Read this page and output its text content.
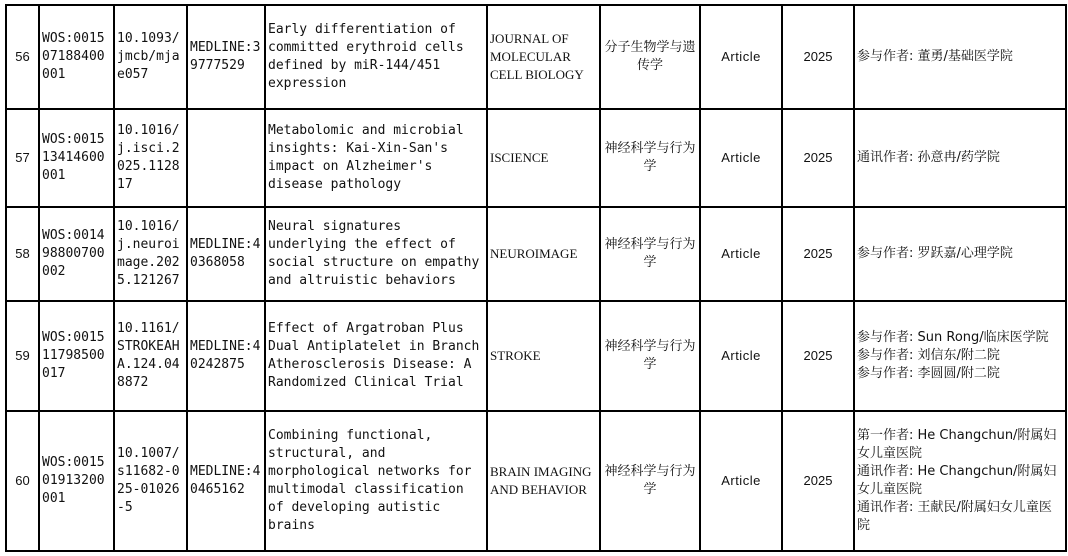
56	WOS:001507188400001	10.1093/jmcb/mjae057	MEDLINE:39777529	Early differentiation of committed erythroid cells defined by miR-144/451 expression	JOURNAL OF MOLECULAR CELL BIOLOGY	分子生物学与遗传学	Article	2025	参与作者: 董勇/基础医学院

57	WOS:001513414600001	10.1016/j.isci.2025.112817		Metabolomic and microbial insights: Kai-Xin-San's impact on Alzheimer's disease pathology	ISCIENCE	神经科学与行为学	Article	2025	通讯作者: 孙意冉/药学院

58	WOS:001498800700002	10.1016/j.neuroimage.2025.121267	MEDLINE:40368058	Neural signatures underlying the effect of social structure on empathy and altruistic behaviors	NEUROIMAGE	神经科学与行为学	Article	2025	参与作者: 罗跃嘉/心理学院

59	WOS:001511798500017	10.1161/STROKEAHA.124.048872	MEDLINE:40242875	Effect of Argatroban Plus Dual Antiplatelet in Branch Atherosclerosis Disease: A Randomized Clinical Trial	STROKE	神经科学与行为学	Article	2025	参与作者: Sun Rong/临床医学院
参与作者: 刘信东/附二院
参与作者: 李圆圆/附二院

60	WOS:001501913200001	10.1007/s11682-025-01026-5	MEDLINE:40465162	Combining functional, structural, and morphological networks for multimodal classification of developing autistic brains	BRAIN IMAGING AND BEHAVIOR	神经科学与行为学	Article	2025	第一作者: He Changchun/附属妇女儿童医院
通讯作者: He Changchun/附属妇女儿童医院
通讯作者: 王献民/附属妇女儿童医院
